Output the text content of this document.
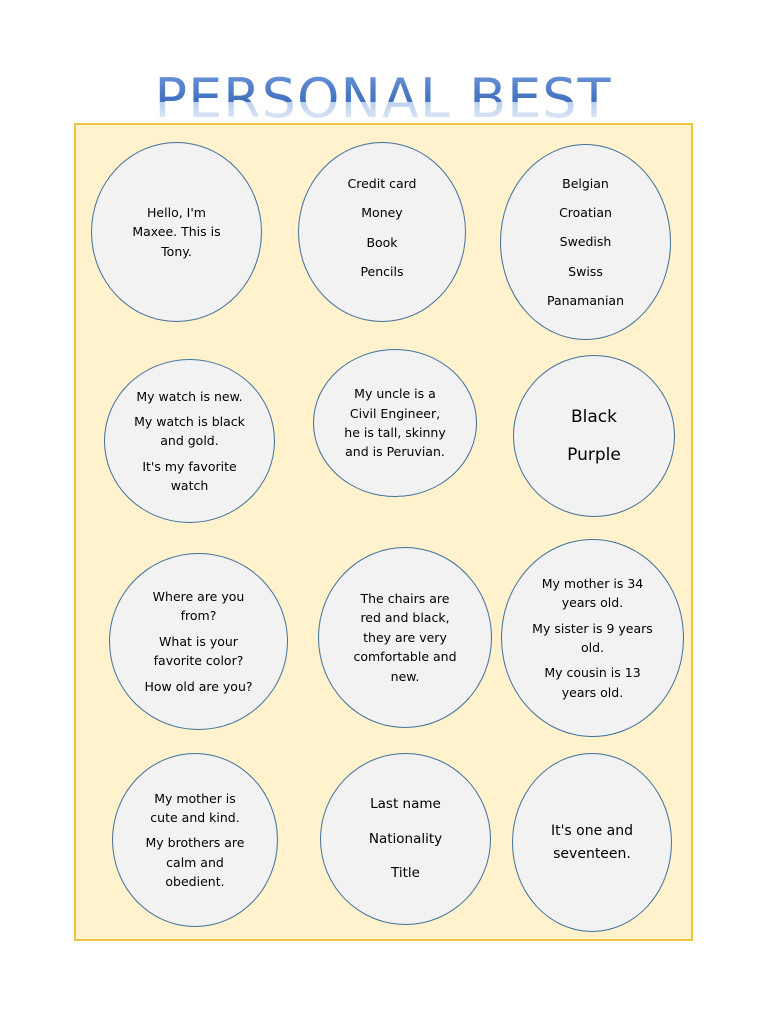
PERSONAL BEST
Hello, I'm
Maxee. This is
Tony.
Credit card
Money
Book
Pencils
Belgian
Croatian
Swedish
Swiss
Panamanian
My watch is new.
My watch is black
and gold.
It's my favorite
watch
My uncle is a
Civil Engineer,
he is tall, skinny
and is Peruvian.
Black
Purple
Where are you
from?
What is your
favorite color?
How old are you?
The chairs are
red and black,
they are very
comfortable and
new.
My mother is 34
years old.
My sister is 9 years
old.
My cousin is 13
years old.
My mother is
cute and kind.
My brothers are
calm and
obedient.
Last name
Nationality
Title
It's one and
seventeen.
